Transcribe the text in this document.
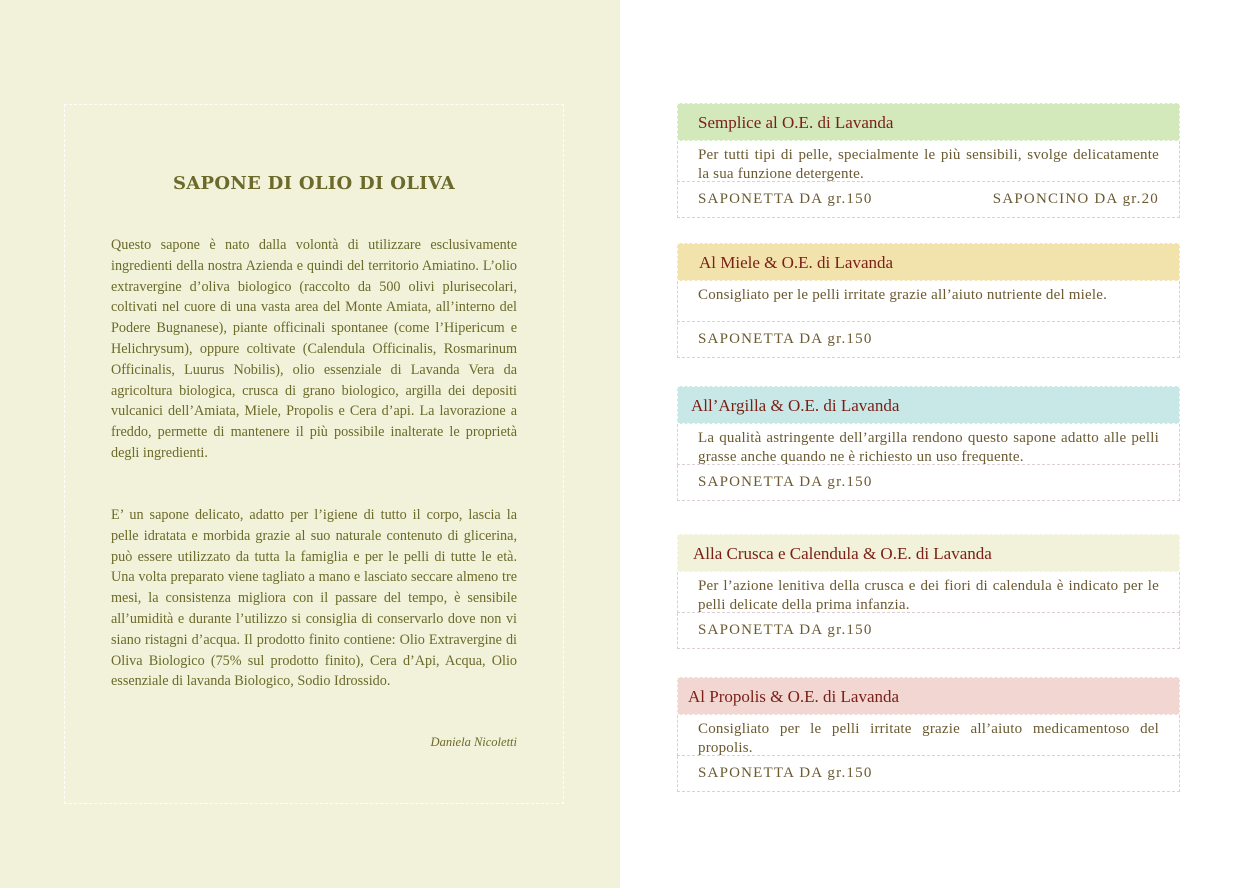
SAPONE DI OLIO DI OLIVA
Questo sapone è nato dalla volontà di utilizzare esclusivamente ingredienti della nostra Azienda e quindi del territorio Amiatino. L’olio extravergine d’oliva biologico (raccolto da 500 olivi plurisecolari, coltivati nel cuore di una vasta area del Monte Amiata, all’interno del Podere Bugnanese), piante officinali spontanee (come l’Hipericum e Helichrysum), oppure coltivate (Calendula Officinalis, Rosmarinum Officinalis, Luurus Nobilis), olio essenziale di Lavanda Vera da agricoltura biologica, crusca di grano biologico, argilla dei depositi vulcanici dell’Amiata, Miele, Propolis e Cera d’api. La lavorazione a freddo, permette di mantenere il più possibile inalterate le proprietà degli ingredienti.
E’ un sapone delicato, adatto per l’igiene di tutto il corpo, lascia la pelle idratata e morbida grazie al suo naturale contenuto di glicerina, può essere utilizzato da tutta la famiglia e per le pelli di tutte le età. Una volta preparato viene tagliato a mano e lasciato seccare almeno tre mesi, la consistenza migliora con il passare del tempo, è sensibile all’umidità e durante l’utilizzo si consiglia di conservarlo dove non vi siano ristagni d’acqua. Il prodotto finito contiene: Olio Extravergine di Oliva Biologico (75% sul prodotto finito), Cera d’Api, Acqua, Olio essenziale di lavanda Biologico, Sodio Idrossido.
Daniela Nicoletti
Semplice al O.E. di Lavanda
Per tutti tipi di pelle, specialmente le più sensibili, svolge delicatamente la sua funzione detergente.
SAPONETTA DA gr.150	SAPONCINO DA gr.20
Al Miele & O.E. di Lavanda
Consigliato per le pelli irritate grazie all’aiuto nutriente del miele.
SAPONETTA DA gr.150
All’Argilla & O.E. di Lavanda
La qualità astringente dell’argilla rendono questo sapone adatto alle pelli grasse anche quando ne è richiesto un uso frequente.
SAPONETTA DA gr.150
Alla Crusca e Calendula & O.E. di Lavanda
Per l’azione lenitiva della crusca e dei fiori di calendula è indicato per le pelli delicate della prima infanzia.
SAPONETTA DA gr.150
Al Propolis & O.E. di Lavanda
Consigliato per le pelli irritate grazie all’aiuto medicamentoso del propolis.
SAPONETTA DA gr.150
